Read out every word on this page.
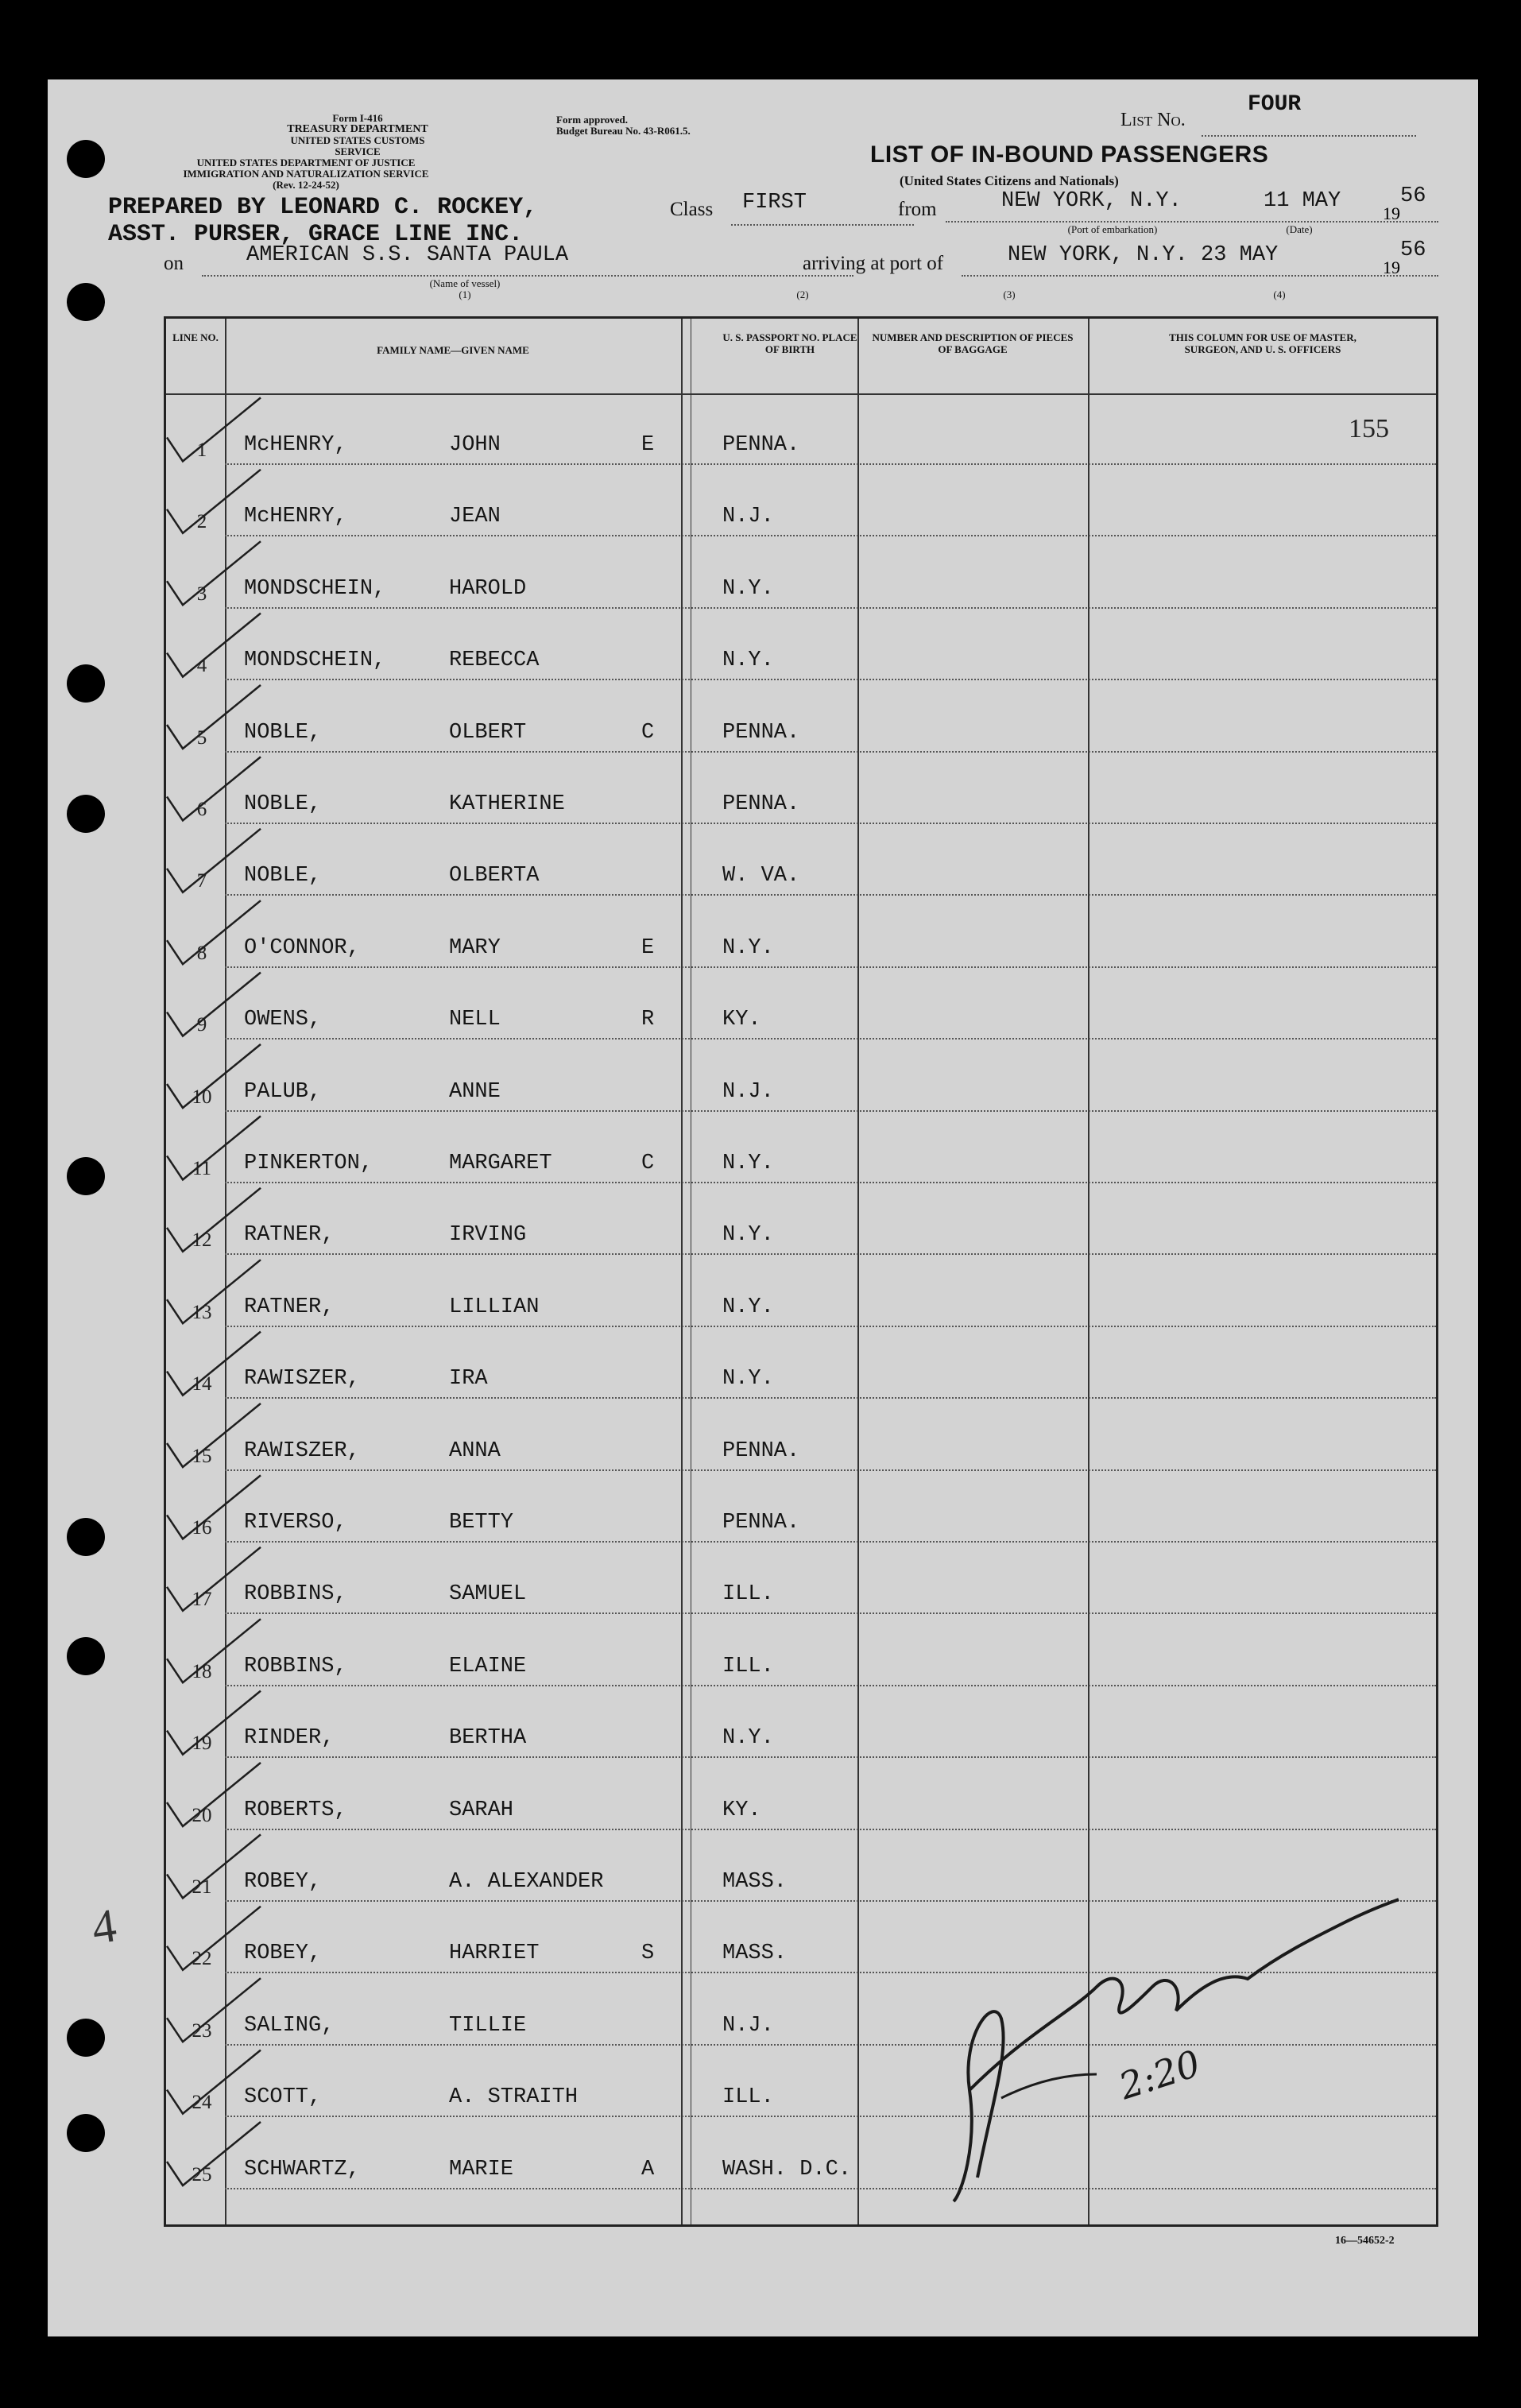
Form I-416
TREASURY DEPARTMENT
UNITED STATES CUSTOMS SERVICE
UNITED STATES DEPARTMENT OF JUSTICE
IMMIGRATION AND NATURALIZATION SERVICE
(Rev. 12-24-52)
Form approved.
Budget Bureau No. 43-R061.5.
List No.
FOUR
LIST OF IN-BOUND PASSENGERS
(United States Citizens and Nationals)
PREPARED BY LEONARD C. ROCKEY,
ASST. PURSER, GRACE LINE INC.
Class FIRST	from	NEW YORK, N.Y.	11 MAY
19
56
(Port of embarkation)	(Date)
on	AMERICAN S.S. SANTA PAULA	arriving at port of	NEW YORK, N.Y. 23 MAY
19
56
(Name of vessel)
(1)	(2)	(3)	(4)
LINE NO.
FAMILY NAME—GIVEN NAME
U. S. PASSPORT NO. PLACE OF BIRTH
NUMBER AND DESCRIPTION OF PIECES OF BAGGAGE
THIS COLUMN FOR USE OF MASTER, SURGEON, AND U. S. OFFICERS
155
1	McHENRY,	JOHN	E	PENNA.
2	McHENRY,	JEAN	N.J.
3	MONDSCHEIN,	HAROLD	N.Y.
4	MONDSCHEIN,	REBECCA	N.Y.
5	NOBLE,	OLBERT	C	PENNA.
6	NOBLE,	KATHERINE	PENNA.
7	NOBLE,	OLBERTA	W. VA.
8	O'CONNOR,	MARY	E	N.Y.
9	OWENS,	NELL	R	KY.
10	PALUB,	ANNE	N.J.
11	PINKERTON,	MARGARET	C	N.Y.
12	RATNER,	IRVING	N.Y.
13	RATNER,	LILLIAN	N.Y.
14	RAWISZER,	IRA	N.Y.
15	RAWISZER,	ANNA	PENNA.
16	RIVERSO,	BETTY	PENNA.
17	ROBBINS,	SAMUEL	ILL.
18	ROBBINS,	ELAINE	ILL.
19	RINDER,	BERTHA	N.Y.
20	ROBERTS,	SARAH	KY.
21	ROBEY,	A. ALEXANDER	MASS.
22	ROBEY,	HARRIET	S	MASS.
23	SALING,	TILLIE	N.J.
24	SCOTT,	A. STRAITH	ILL.
25	SCHWARTZ,	MARIE	A	WASH. D.C.
4
16—54652-2
2:20
